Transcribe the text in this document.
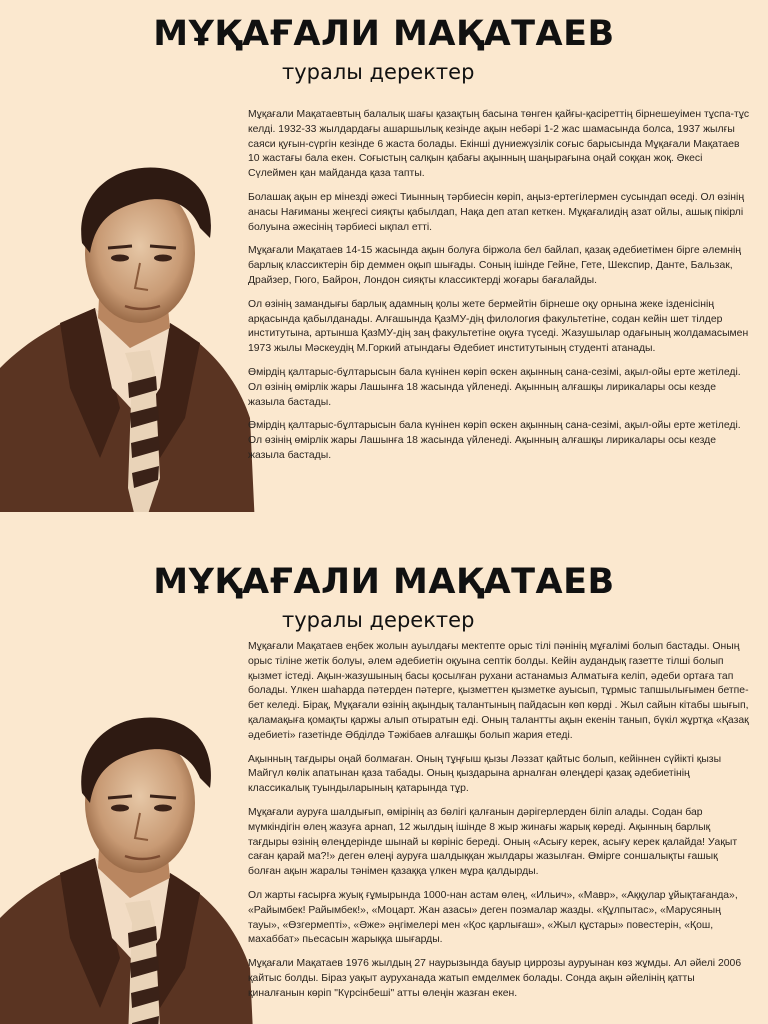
МҰҚАҒАЛИ МАҚАТАЕВ
туралы деректер

Мұқағали Мақатаевтың балалық шағы қазақтың басына төнген қайғы-қасіреттің бірнешеуімен тұспа-тұс келді. 1932-33 жылдардағы ашаршылық кезінде ақын небәрі 1-2 жас шамасында болса, 1937 жылғы саяси қуғын-сүргін кезінде 6 жаста болады. Екінші дүниежүзілік соғыс барысында Мұқағали Мақатаев 10 жастағы бала екен. Соғыстың салқын қабағы ақынның шаңырағына оңай соққан жоқ. Әкесі Сүлеймен қан майданда қаза тапты.

Болашақ ақын ер мінезді әжесі Тиынның тәрбиесін көріп, аңыз-ертегілермен сусындап өседі. Ол өзінің анасы Нағиманы жеңгесі сияқты қабылдап, Нақа деп атап кеткен. Мұқағалидің азат ойлы, ашық пікірлі болуына әжесінің тәрбиесі ықпал етті.

Мұқағали Мақатаев 14-15 жасында ақын болуға біржола бел байлап, қазақ әдебиетімен бірге әлемнің барлық классиктерін бір деммен оқып шығады. Соның ішінде Гейне, Гете, Шекспир, Данте, Бальзак, Драйзер, Гюго, Байрон, Лондон сияқты классиктерді жоғары бағалайды.

Ол өзінің замандығы барлық адамның қолы жете бермейтін бірнеше оқу орнына жеке ізденісінің арқасында қабылданады. Алғашында ҚазМУ-дің филология факультетіне, содан кейін шет тілдер институтына, артынша ҚазМУ-дің заң факультетіне оқуға түседі. Жазушылар одағының жолдамасымен 1973 жылы Мәскеудің М.Горкий атындағы Әдебиет институтының студенті атанады.

Өмірдің қалтарыс-бұлтарысын бала күнінен көріп өскен ақынның сана-сезімі, ақыл-ойы ерте жетіледі. Ол өзінің өмірлік жары Лашынға 18 жасында үйленеді. Ақынның алғашқы лирикалары осы кезде жазыла бастады.

Өмірдің қалтарыс-бұлтарысын бала күнінен көріп өскен ақынның сана-сезімі, ақыл-ойы ерте жетіледі. Ол өзінің өмірлік жары Лашынға 18 жасында үйленеді. Ақынның алғашқы лирикалары осы кезде жазыла бастады.

МҰҚАҒАЛИ МАҚАТАЕВ
туралы деректер

Мұқағали Мақатаев еңбек жолын ауылдағы мектепте орыс тілі пәнінің мұғалімі болып бастады. Оның орыс тіліне жетік болуы, әлем әдебиетін оқуына септік болды. Кейін аудандық газетте тілші болып қызмет істеді. Ақын-жазушының басы қосылған рухани астанамыз Алматыға келіп, әдеби ортаға тап болады. Үлкен шаһарда пәтерден пәтерге, қызметтен қызметке ауысып, тұрмыс тапшылығымен бетпе-бет келеді. Бірақ, Мұқағали өзінің ақындық талантының пайдасын көп көрді . Жыл сайын кітабы шығып, қаламақыға қомақты қаржы алып отыратын еді. Оның талантты ақын екенін танып, бүкіл жұртқа «Қазақ әдебиеті» газетінде Әбділдә Тәжібаев алғашқы болып жария етеді.

Ақынның тағдыры оңай болмаған. Оның тұңғыш қызы Ләззат қайтыс болып, кейіннен сүйікті қызы Майгүл көлік апатынан қаза табады. Оның қыздарына арналған өлеңдері қазақ әдебиетінің классикалық туындыларының қатарында тұр.

Мұқағали ауруға шалдығып, өмірінің аз бөлігі қалғанын дәрігерлерден біліп алады. Содан бар мүмкіндігін өлең жазуға арнап, 12 жылдың ішінде 8 жыр жинағы жарық көреді. Ақынның барлық тағдыры өзінің өлеңдерінде шынай ы көрініс береді. Оның «Асығу керек, асығу керек қалайда! Уақыт саған қарай ма?!» деген өлеңі ауруға шалдыққан жылдары жазылған. Өмірге соншалықты ғашық болған ақын жаралы тәнімен қазаққа үлкен мұра қалдырды.

Ол жарты ғасырға жуық ғұмырында 1000-нан астам өлең, «Ильич», «Мавр», «Аққулар ұйықтағанда», «Райымбек! Райымбек!», «Моцарт. Жан азасы» деген поэмалар жазды. «Құлпытас», «Марусяның тауы», «Өзгермепті», «Әже» әңгімелері мен «Қос қарлығаш», «Жыл құстары» повестерін, «Қош, махаббат» пьесасын жарыққа шығарды.

Мұқағали Мақатаев 1976 жылдың 27 наурызында бауыр циррозы ауруынан көз жұмды. Ал әйелі 2006 қайтыс болды. Біраз уақыт ауруханада жатып емделмек болады. Сонда ақын әйелінің қатты қиналғанын көріп "Күрсінбеші" атты өлеңін жазған екен.
